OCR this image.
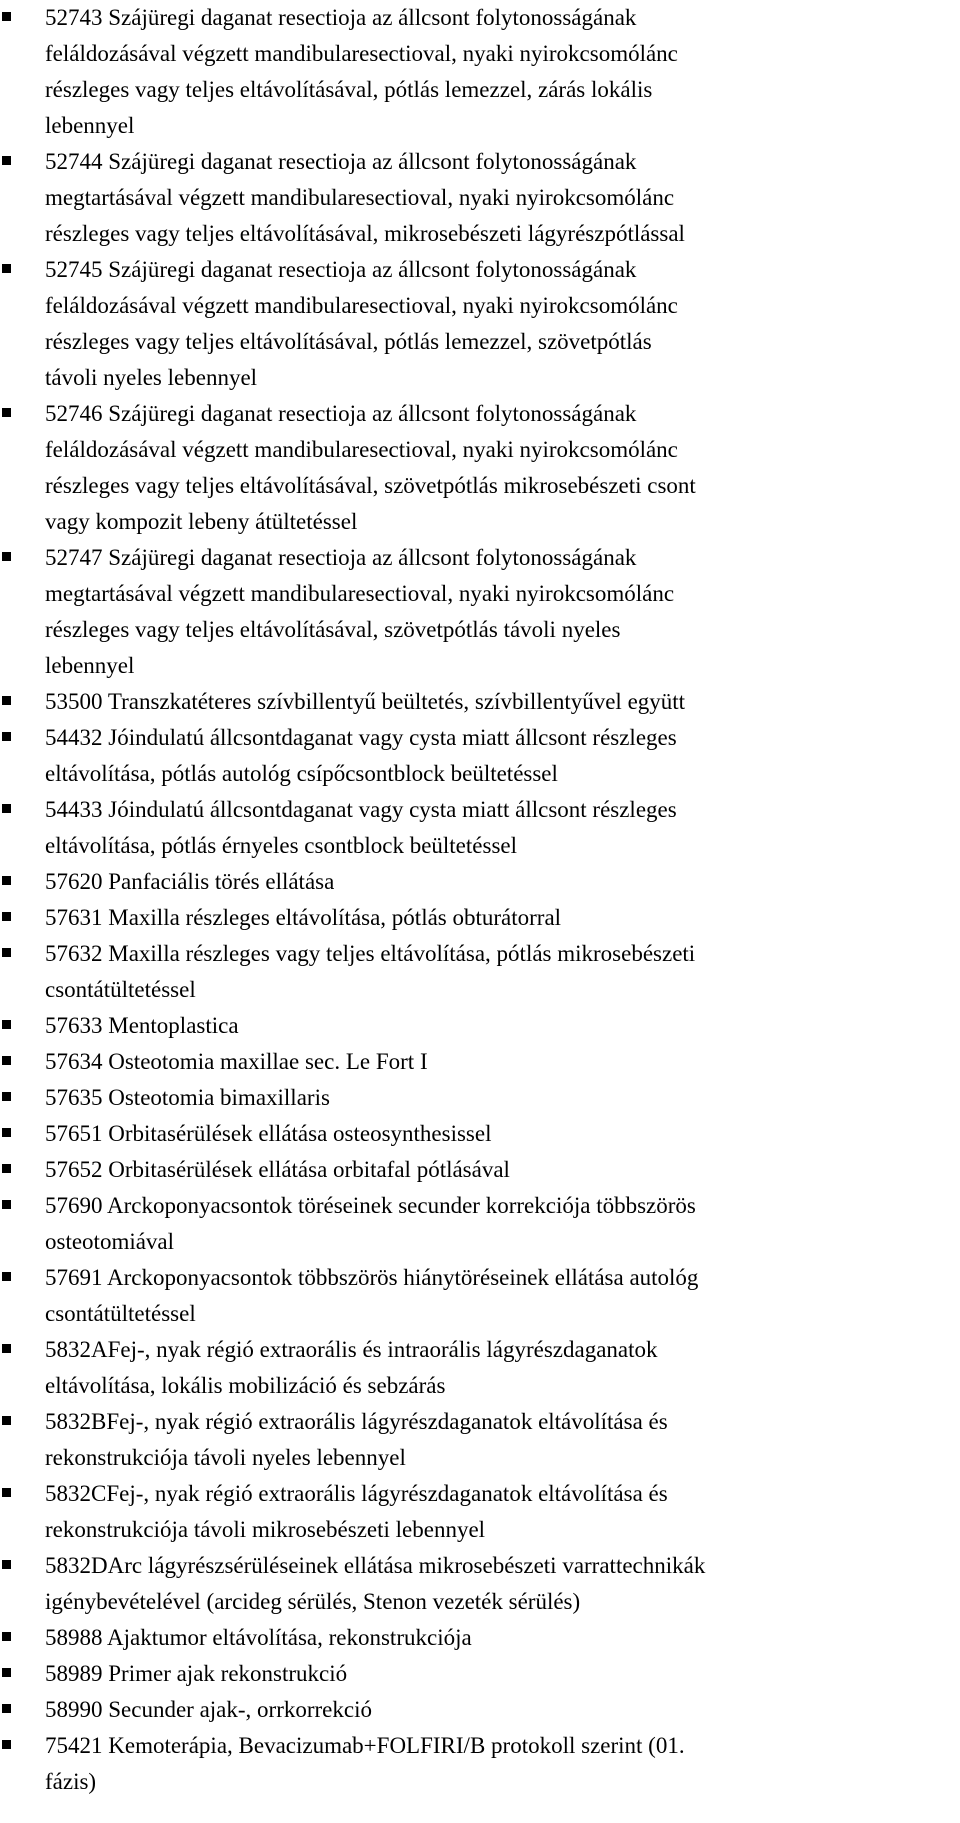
52743 Szájüregi daganat resectioja az állcsont folytonosságának
feláldozásával végzett mandibularesectioval, nyaki nyirokcsomólánc
részleges vagy teljes eltávolításával, pótlás lemezzel, zárás lokális
lebennyel
52744 Szájüregi daganat resectioja az állcsont folytonosságának
megtartásával végzett mandibularesectioval, nyaki nyirokcsomólánc
részleges vagy teljes eltávolításával, mikrosebészeti lágyrészpótlással
52745 Szájüregi daganat resectioja az állcsont folytonosságának
feláldozásával végzett mandibularesectioval, nyaki nyirokcsomólánc
részleges vagy teljes eltávolításával, pótlás lemezzel, szövetpótlás
távoli nyeles lebennyel
52746 Szájüregi daganat resectioja az állcsont folytonosságának
feláldozásával végzett mandibularesectioval, nyaki nyirokcsomólánc
részleges vagy teljes eltávolításával, szövetpótlás mikrosebészeti csont
vagy kompozit lebeny átültetéssel
52747 Szájüregi daganat resectioja az állcsont folytonosságának
megtartásával végzett mandibularesectioval, nyaki nyirokcsomólánc
részleges vagy teljes eltávolításával, szövetpótlás távoli nyeles
lebennyel
53500 Transzkatéteres szívbillentyű beültetés, szívbillentyűvel együtt
54432 Jóindulatú állcsontdaganat vagy cysta miatt állcsont részleges
eltávolítása, pótlás autológ csípőcsontblock beültetéssel
54433 Jóindulatú állcsontdaganat vagy cysta miatt állcsont részleges
eltávolítása, pótlás érnyeles csontblock beültetéssel
57620 Panfaciális törés ellátása
57631 Maxilla részleges eltávolítása, pótlás obturátorral
57632 Maxilla részleges vagy teljes eltávolítása, pótlás mikrosebészeti
csontátültetéssel
57633 Mentoplastica
57634 Osteotomia maxillae sec. Le Fort I
57635 Osteotomia bimaxillaris
57651 Orbitasérülések ellátása osteosynthesissel
57652 Orbitasérülések ellátása orbitafal pótlásával
57690 Arckoponyacsontok töréseinek secunder korrekciója többszörös
osteotomiával
57691 Arckoponyacsontok többszörös hiánytöréseinek ellátása autológ
csontátültetéssel
5832AFej-, nyak régió extraorális és intraorális lágyrészdaganatok
eltávolítása, lokális mobilizáció és sebzárás
5832BFej-, nyak régió extraorális lágyrészdaganatok eltávolítása és
rekonstrukciója távoli nyeles lebennyel
5832CFej-, nyak régió extraorális lágyrészdaganatok eltávolítása és
rekonstrukciója távoli mikrosebészeti lebennyel
5832DArc lágyrészsérüléseinek ellátása mikrosebészeti varrattechnikák
igénybevételével (arcideg sérülés, Stenon vezeték sérülés)
58988 Ajaktumor eltávolítása, rekonstrukciója
58989 Primer ajak rekonstrukció
58990 Secunder ajak-, orrkorrekció
75421 Kemoterápia, Bevacizumab+FOLFIRI/B protokoll szerint (01.
fázis)
